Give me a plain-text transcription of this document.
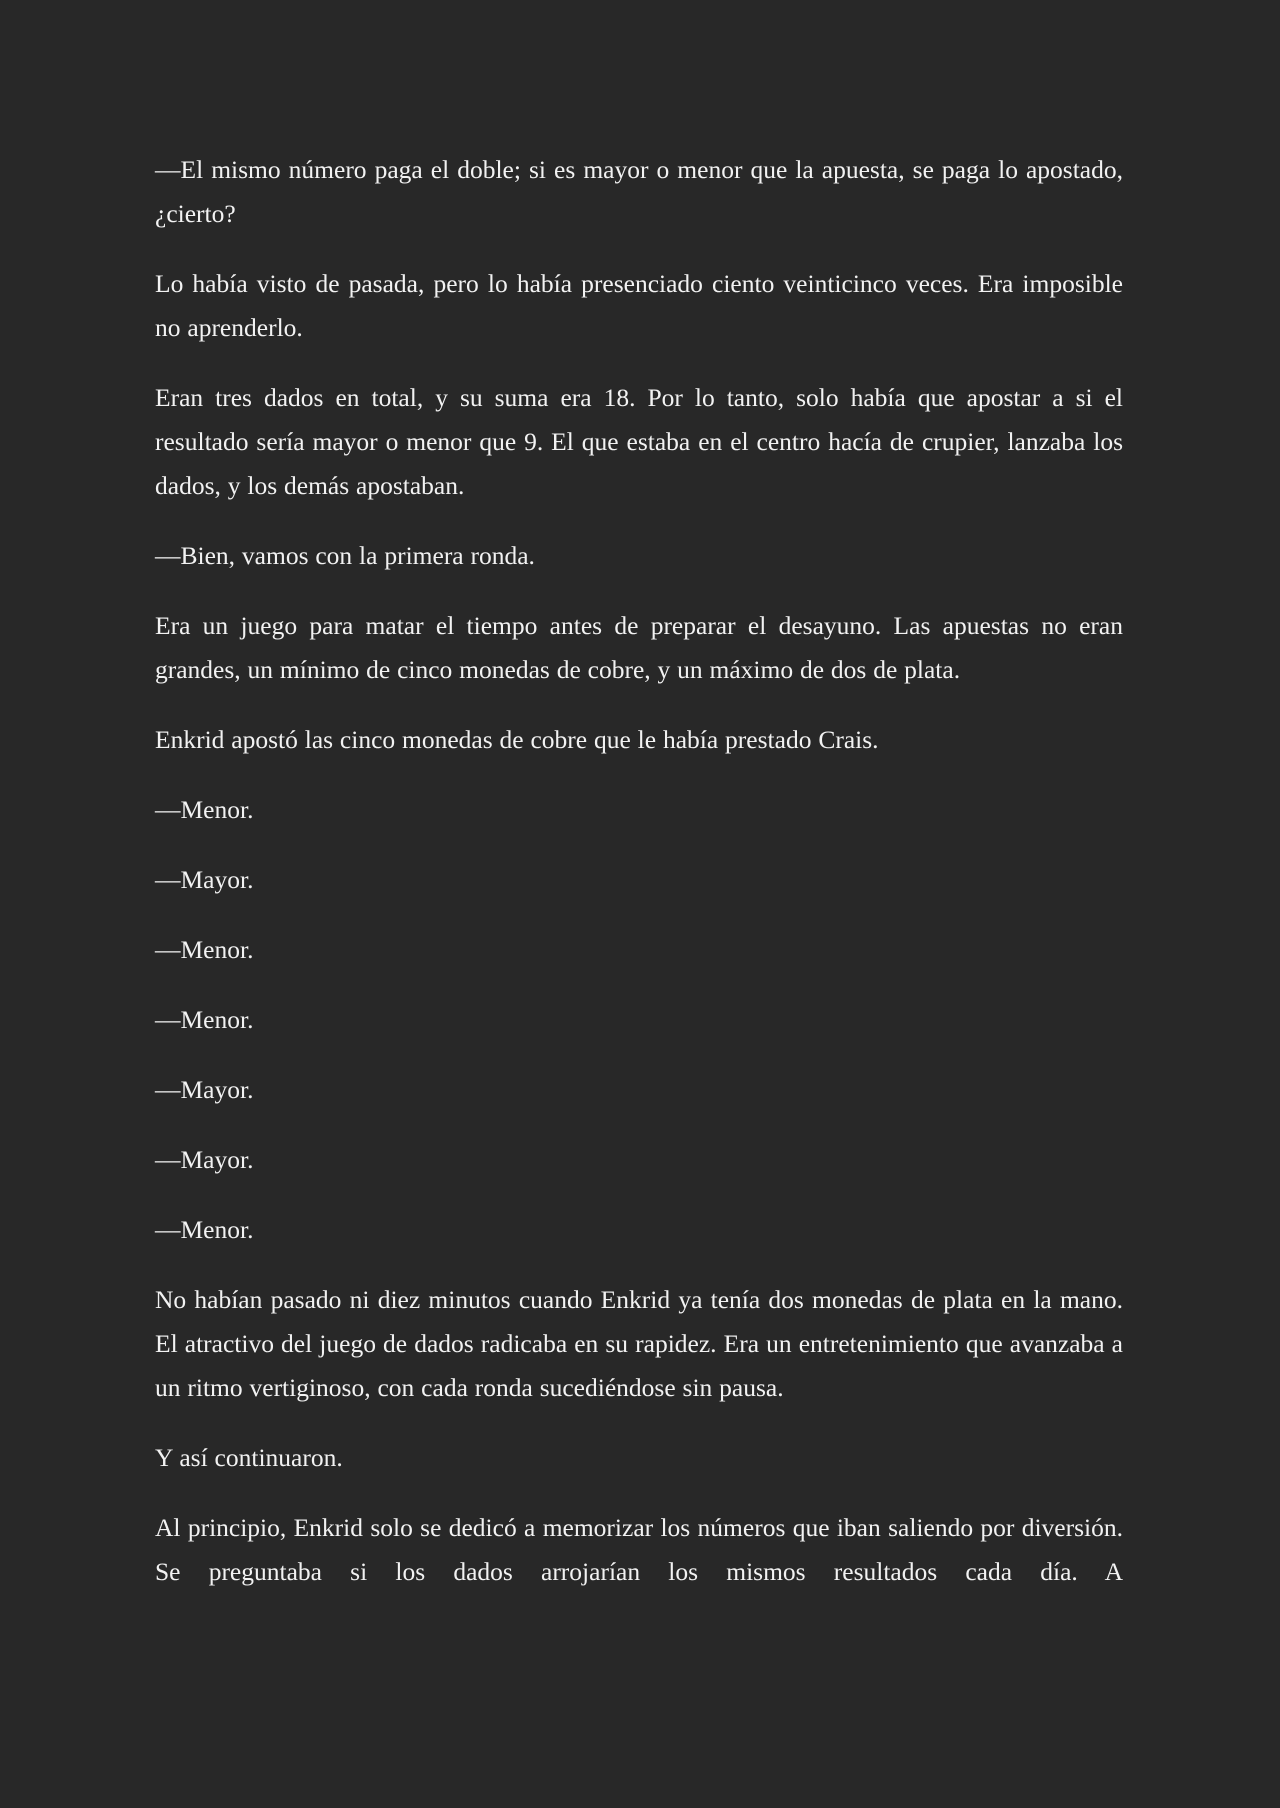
—El mismo número paga el doble; si es mayor o menor que la apuesta, se paga lo apostado, ¿cierto?

Lo había visto de pasada, pero lo había presenciado ciento veinticinco veces. Era imposible no aprenderlo.

Eran tres dados en total, y su suma era 18. Por lo tanto, solo había que apostar a si el resultado sería mayor o menor que 9. El que estaba en el centro hacía de crupier, lanzaba los dados, y los demás apostaban.

—Bien, vamos con la primera ronda.

Era un juego para matar el tiempo antes de preparar el desayuno. Las apuestas no eran grandes, un mínimo de cinco monedas de cobre, y un máximo de dos de plata.

Enkrid apostó las cinco monedas de cobre que le había prestado Crais.

—Menor.

—Mayor.

—Menor.

—Menor.

—Mayor.

—Mayor.

—Menor.

No habían pasado ni diez minutos cuando Enkrid ya tenía dos monedas de plata en la mano. El atractivo del juego de dados radicaba en su rapidez. Era un entretenimiento que avanzaba a un ritmo vertiginoso, con cada ronda sucediéndose sin pausa.

Y así continuaron.

Al principio, Enkrid solo se dedicó a memorizar los números que iban saliendo por diversión. Se preguntaba si los dados arrojarían los mismos resultados cada día. A
